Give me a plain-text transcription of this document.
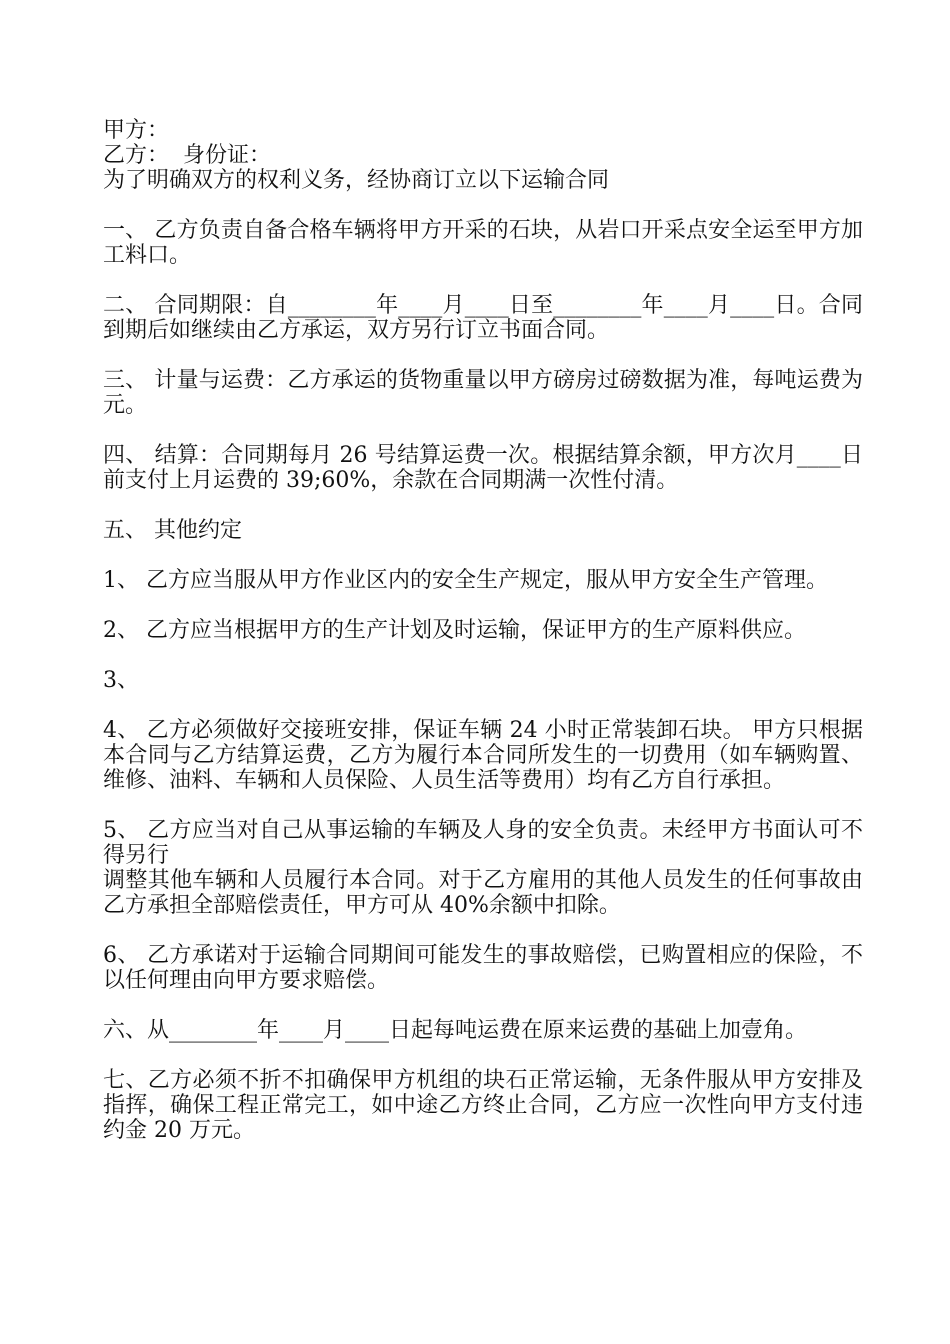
甲方：

乙方：  身份证：

为了明确双方的权利义务，经协商订立以下运输合同

一、 乙方负责自备合格车辆将甲方开采的石块，从岩口开采点安全运至甲方加工料口。

二、 合同期限：自________年____月____日至________年____月____日。合同到期后如继续由乙方承运，双方另行订立书面合同。

三、 计量与运费：乙方承运的货物重量以甲方磅房过磅数据为准，每吨运费为 元。

四、 结算：合同期每月 26 号结算运费一次。根据结算余额，甲方次月____日前支付上月运费的 39;60%，余款在合同期满一次性付清。

五、 其他约定

1、 乙方应当服从甲方作业区内的安全生产规定，服从甲方安全生产管理。

2、 乙方应当根据甲方的生产计划及时运输，保证甲方的生产原料供应。

3、

4、 乙方必须做好交接班安排，保证车辆 24 小时正常装卸石块。 甲方只根据本合同与乙方结算运费，乙方为履行本合同所发生的一切费用（如车辆购置、维修、油料、车辆和人员保险、人员生活等费用）均有乙方自行承担。

5、 乙方应当对自己从事运输的车辆及人身的安全负责。未经甲方书面认可不得另行
调整其他车辆和人员履行本合同。对于乙方雇用的其他人员发生的任何事故由乙方承担全部赔偿责任，甲方可从 40%余额中扣除。

6、 乙方承诺对于运输合同期间可能发生的事故赔偿，已购置相应的保险，不以任何理由向甲方要求赔偿。

六、从________年____月____日起每吨运费在原来运费的基础上加壹角。

七、乙方必须不折不扣确保甲方机组的块石正常运输，无条件服从甲方安排及指挥，确保工程正常完工，如中途乙方终止合同，乙方应一次性向甲方支付违约金 20 万元。
